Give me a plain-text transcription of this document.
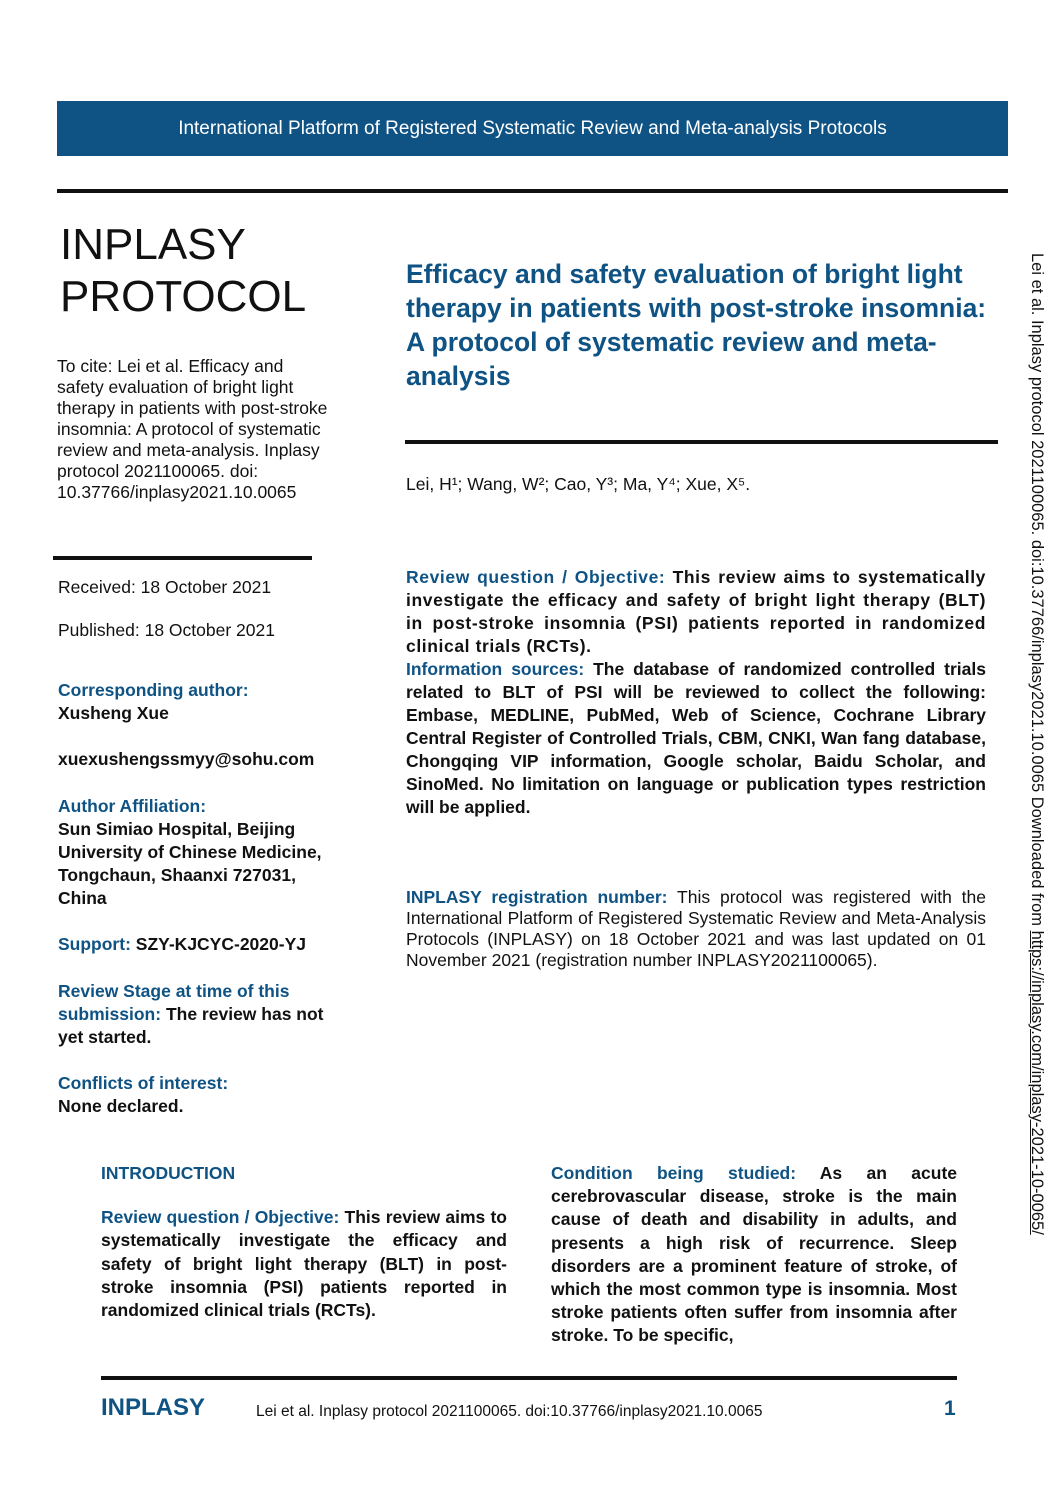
International Platform of Registered Systematic Review and Meta-analysis Protocols
INPLASY
PROTOCOL

To cite: Lei et al. Efficacy and safety evaluation of bright light therapy in patients with post-stroke insomnia: A protocol of systematic review and meta-analysis. Inplasy protocol 2021100065. doi: 10.37766/inplasy2021.10.0065

Received: 18 October 2021
Published: 18 October 2021
Corresponding author:
Xusheng Xue
xuexushengssmyy@sohu.com
Author Affiliation:
Sun Simiao Hospital, Beijing University of Chinese Medicine, Tongchaun, Shaanxi 727031, China
Support: SZY-KJCYC-2020-YJ
Review Stage at time of this submission: The review has not yet started.
Conflicts of interest:
None declared.
Efficacy and safety evaluation of bright light therapy in patients with post-stroke insomnia: A protocol of systematic review and meta-analysis
Lei, H¹; Wang, W²; Cao, Y³; Ma, Y⁴; Xue, X⁵.

Review question / Objective: This review aims to systematically investigate the efficacy and safety of bright light therapy (BLT) in post-stroke insomnia (PSI) patients reported in randomized clinical trials (RCTs).

Information sources: The database of randomized controlled trials related to BLT of PSI will be reviewed to collect the following: Embase, MEDLINE, PubMed, Web of Science, Cochrane Library Central Register of Controlled Trials, CBM, CNKI, Wan fang database, Chongqing VIP information, Google scholar, Baidu Scholar, and SinoMed. No limitation on language or publication types restriction will be applied.

INPLASY registration number: This protocol was registered with the International Platform of Registered Systematic Review and Meta-Analysis Protocols (INPLASY) on 18 October 2021 and was last updated on 01 November 2021 (registration number INPLASY2021100065).
INTRODUCTION

Review question / Objective: This review aims to systematically investigate the efficacy and safety of bright light therapy (BLT) in post-stroke insomnia (PSI) patients reported in randomized clinical trials (RCTs).

Condition being studied: As an acute cerebrovascular disease, stroke is the main cause of death and disability in adults, and presents a high risk of recurrence. Sleep disorders are a prominent feature of stroke, of which the most common type is insomnia. Most stroke patients often suffer from insomnia after stroke. To be specific,
Lei et al. Inplasy protocol 2021100065. doi:10.37766/inplasy2021.10.0065 Downloaded from https://inplasy.com/inplasy-2021-10-0065/
INPLASY	Lei et al. Inplasy protocol 2021100065. doi:10.37766/inplasy2021.10.0065	1
